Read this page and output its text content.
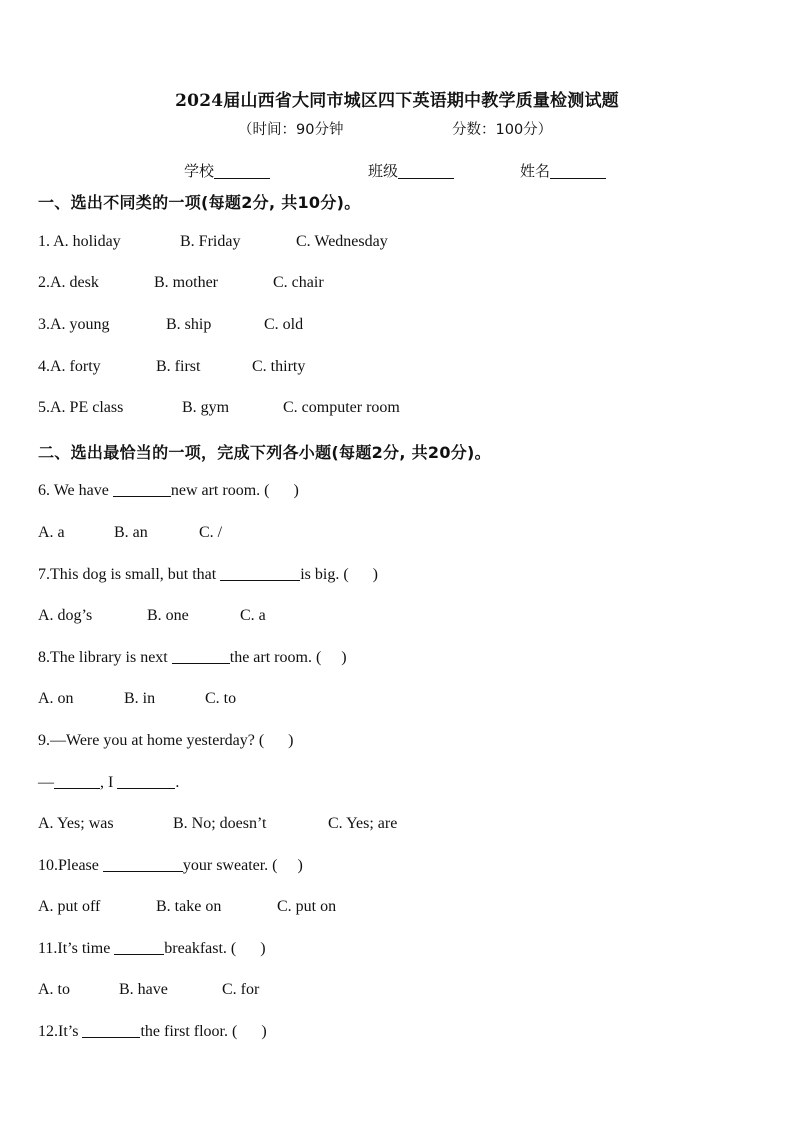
2024届山西省大同市城区四下英语期中教学质量检测试题
（时间：90分钟	分数：100分）
学校	班级	姓名
一、选出不同类的一项(每题2分, 共10分)。
1. A. holiday	B. Friday	C. Wednesday
2.A. desk	B. mother	C. chair
3.A. young	B. ship	C. old
4.A. forty	B. first	C. thirty
5.A. PE class	B. gym	C. computer room
二、选出最恰当的一项，完成下列各小题(每题2分, 共20分)。
6. We have	new art room. (      )
A. a	B. an	C. /
7.This dog is small, but that	is big. (      )
A. dog’s	B. one	C. a
8.The library is next	the art room. (     )
A. on	B. in	C. to
9.—Were you at home yesterday? (      )
—	, I	.
A. Yes; was	B. No; doesn’t	C. Yes; are
10.Please	your sweater. (     )
A. put off	B. take on	C. put on
11.It’s time	breakfast. (      )
A. to	B. have	C. for
12.It’s	the first floor. (      )
